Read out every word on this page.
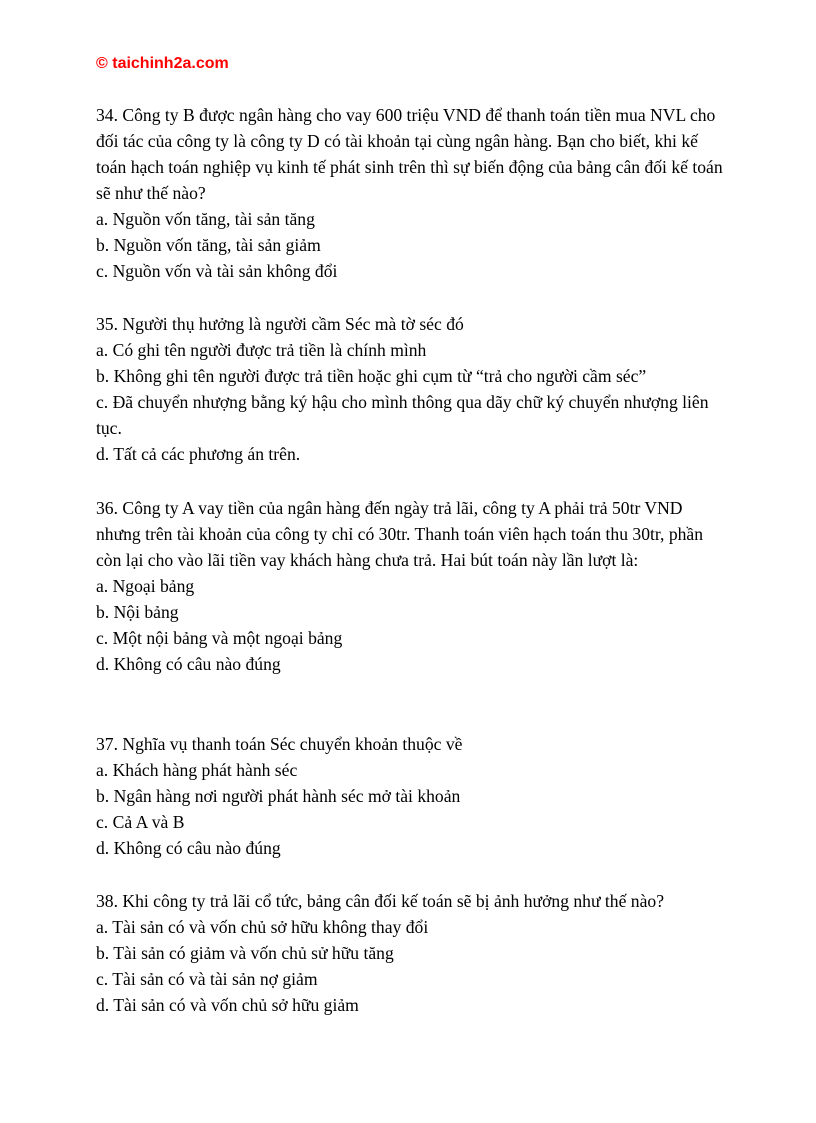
© taichinh2a.com

34. Công ty B được ngân hàng cho vay 600 triệu VND để thanh toán tiền mua NVL cho đối tác của công ty là công ty D có tài khoản tại cùng ngân hàng. Bạn cho biết, khi kế toán hạch toán nghiệp vụ kinh tế phát sinh trên thì sự biến động của bảng cân đối kế toán sẽ như thế nào?

a. Nguồn vốn tăng, tài sản tăng

b. Nguồn vốn tăng, tài sản giảm

c. Nguồn vốn và tài sản không đổi

35. Người thụ hưởng là người cầm Séc mà tờ séc đó

a. Có ghi tên người được trả tiền là chính mình

b. Không ghi tên người được trả tiền hoặc ghi cụm từ “trả cho người cầm séc”

c. Đã chuyển nhượng bằng ký hậu cho mình thông qua dãy chữ ký chuyển nhượng liên tục.

d. Tất cả các phương án trên.

36. Công ty A vay tiền của ngân hàng đến ngày trả lãi, công ty A phải trả 50tr VND nhưng trên tài khoản của công ty chỉ có 30tr. Thanh toán viên hạch toán thu 30tr, phần còn lại cho vào lãi tiền vay khách hàng chưa trả. Hai bút toán này lần lượt là:

a. Ngoại bảng

b. Nội bảng

c. Một nội bảng và một ngoại bảng

d. Không có câu nào đúng

37. Nghĩa vụ thanh toán Séc chuyển khoản thuộc về

a. Khách hàng phát hành séc

b. Ngân hàng nơi người phát hành séc mở tài khoản

c. Cả A và B

d. Không có câu nào đúng

38. Khi công ty trả lãi cổ tức, bảng cân đối kế toán sẽ bị ảnh hưởng như thế nào?

a. Tài sản có và vốn chủ sở hữu không thay đổi

b. Tài sản có giảm và vốn chủ sử hữu tăng

c. Tài sản có và tài sản nợ giảm

d. Tài sản có và vốn chủ sở hữu giảm
